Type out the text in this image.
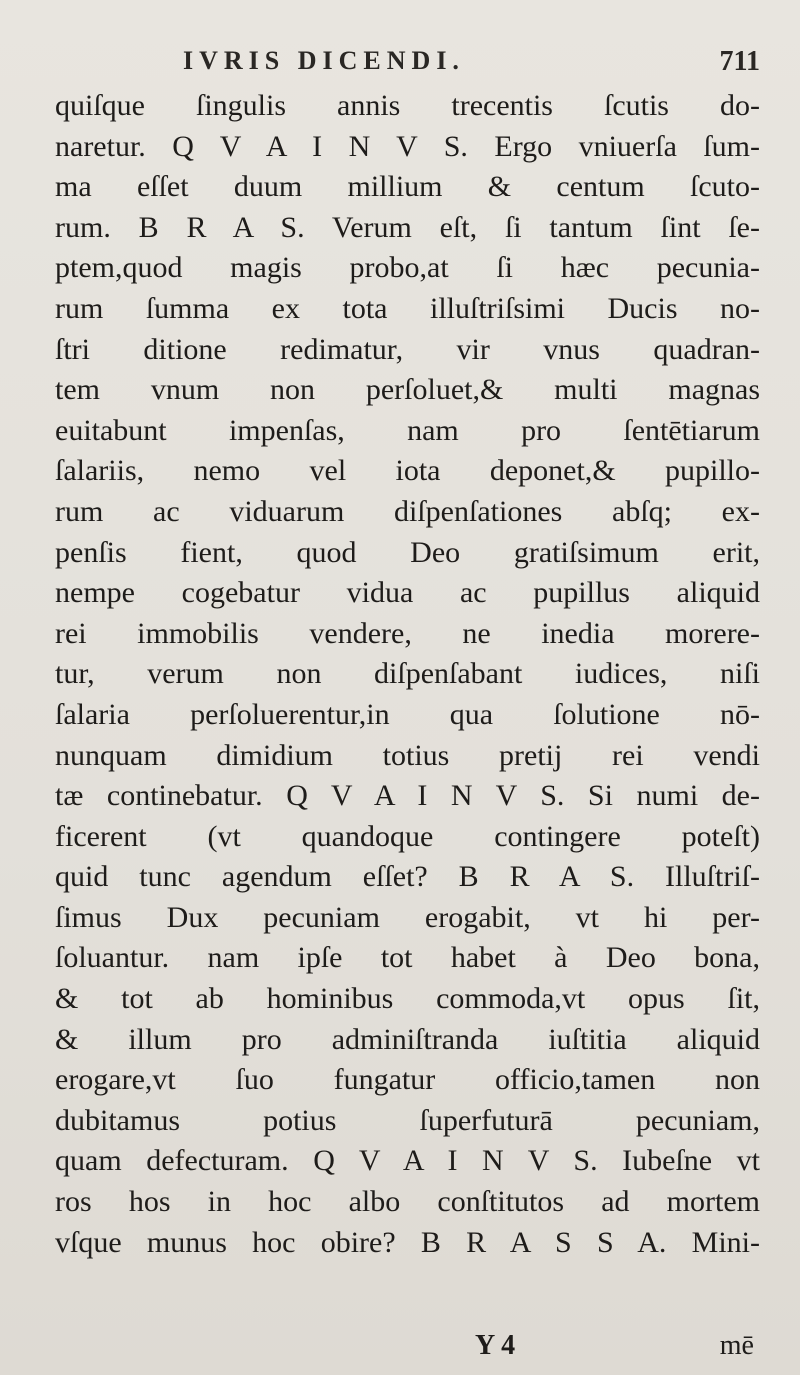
IVRIS DICENDI.	711
quiſque ſingulis annis trecentis ſcutis do-
naretur. Q V A I N V S. Ergo vniuerſa ſum-
ma eſſet duum millium & centum ſcuto-
rum. B R A S. Verum eſt, ſi tantum ſint ſe-
ptem,quod magis probo,at ſi hæc pecunia-
rum ſumma ex tota illuſtriſsimi Ducis no-
ſtri ditione redimatur, vir vnus quadran-
tem vnum non perſoluet,& multi magnas
euitabunt impenſas, nam pro ſentētiarum
ſalariis, nemo vel iota deponet,& pupillo-
rum ac viduarum diſpenſationes abſq; ex-
penſis fient, quod Deo gratiſsimum erit,
nempe cogebatur vidua ac pupillus aliquid
rei immobilis vendere, ne inedia morere-
tur, verum non diſpenſabant iudices, niſi
ſalaria perſoluerentur,in qua ſolutione nō-
nunquam dimidium totius pretij rei vendi
tæ continebatur. Q V A I N V S. Si numi de-
ficerent (vt quandoque contingere poteſt)
quid tunc agendum eſſet? B R A S. Illuſtriſ-
ſimus Dux pecuniam erogabit, vt hi per-
ſoluantur. nam ipſe tot habet à Deo bona,
& tot ab hominibus commoda,vt opus ſit,
& illum pro adminiſtranda iuſtitia aliquid
erogare,vt ſuo fungatur officio,tamen non
dubitamus potius ſuperfuturā pecuniam,
quam defecturam. Q V A I N V S. Iubeſne vt
ros hos in hoc albo conſtitutos ad mortem
vſque munus hoc obire? B R A S S A. Mini-
Y 4	mē
